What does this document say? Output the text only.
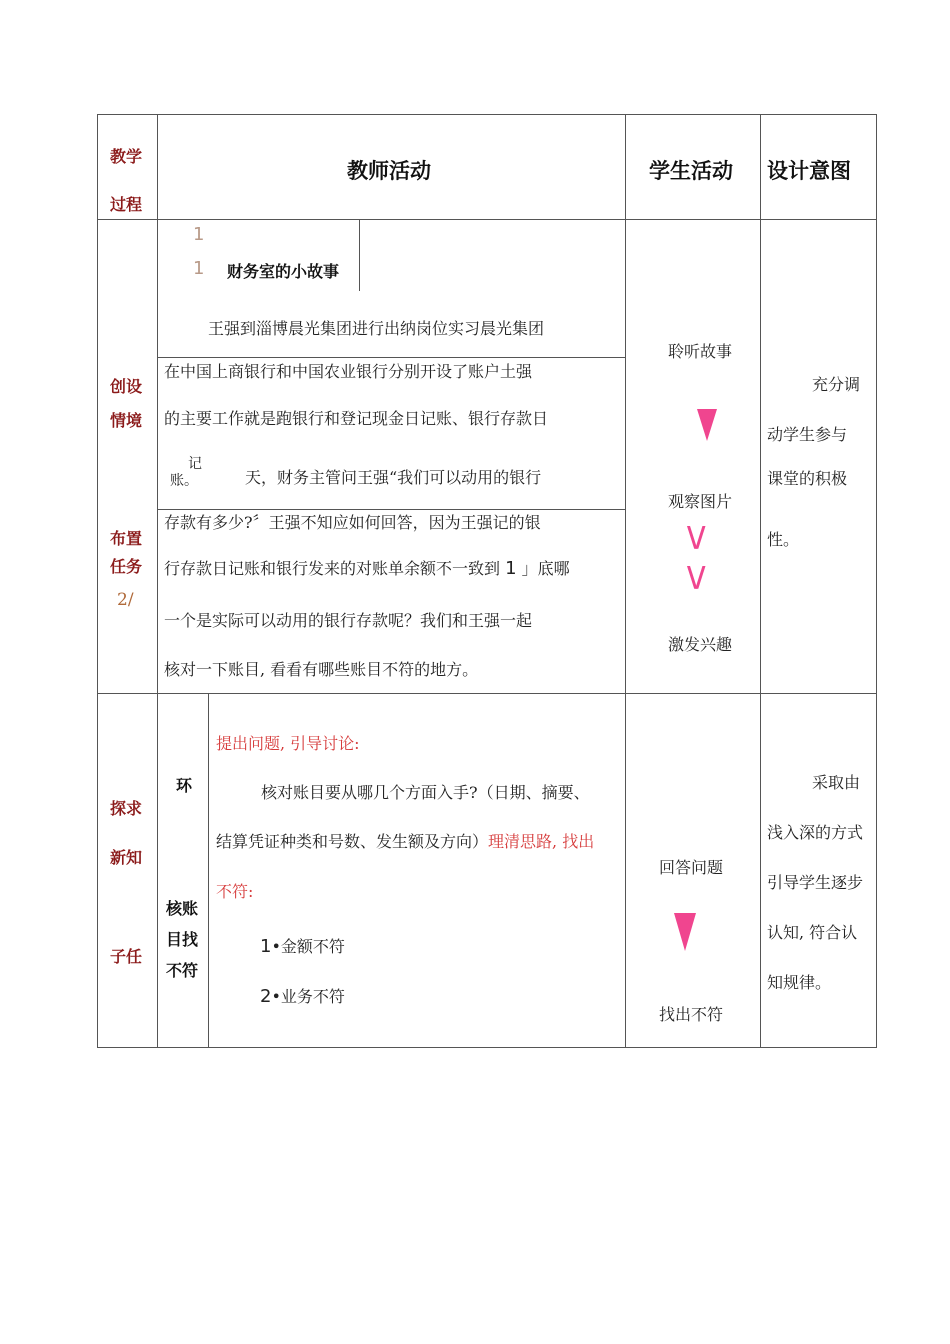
教学
过程
教师活动	学生活动 设计意图
创设
情境
布置
任务
2/
1
1 财务室的小故事
王强到淄博晨光集团进行出纳岗位实习晨光集团
在中国上商银行和中国农业银行分别开设了账户土强
的主要工作就是跑银行和登记现金日记账、银行存款日
记
账。	天，财务主管问王强“我们可以动用的银行
存款有多少?〞王强不知应如何回答，因为王强记的银
行存款日记账和银行发来的对账单余额不一致到 1 」底哪
一个是实际可以动用的银行存款呢？我们和王强一起
核对一下账目, 看看有哪些账目不符的地方。
聆听故事
观察图片
\/
\/
激发兴趣
充分调
动学生参与
课堂的积极
性。
探求
新知
子任
环
核账
目找
不符
提出问题, 引导讨论:
核对账目要从哪几个方面入手?（日期、摘要、
结算凭证种类和号数、发生额及方向）理清思路, 找出
不符:
1•金额不符
2•业务不符
回答问题
找出不符
采取由
浅入深的方式
引导学生逐步
认知, 符合认
知规律。
